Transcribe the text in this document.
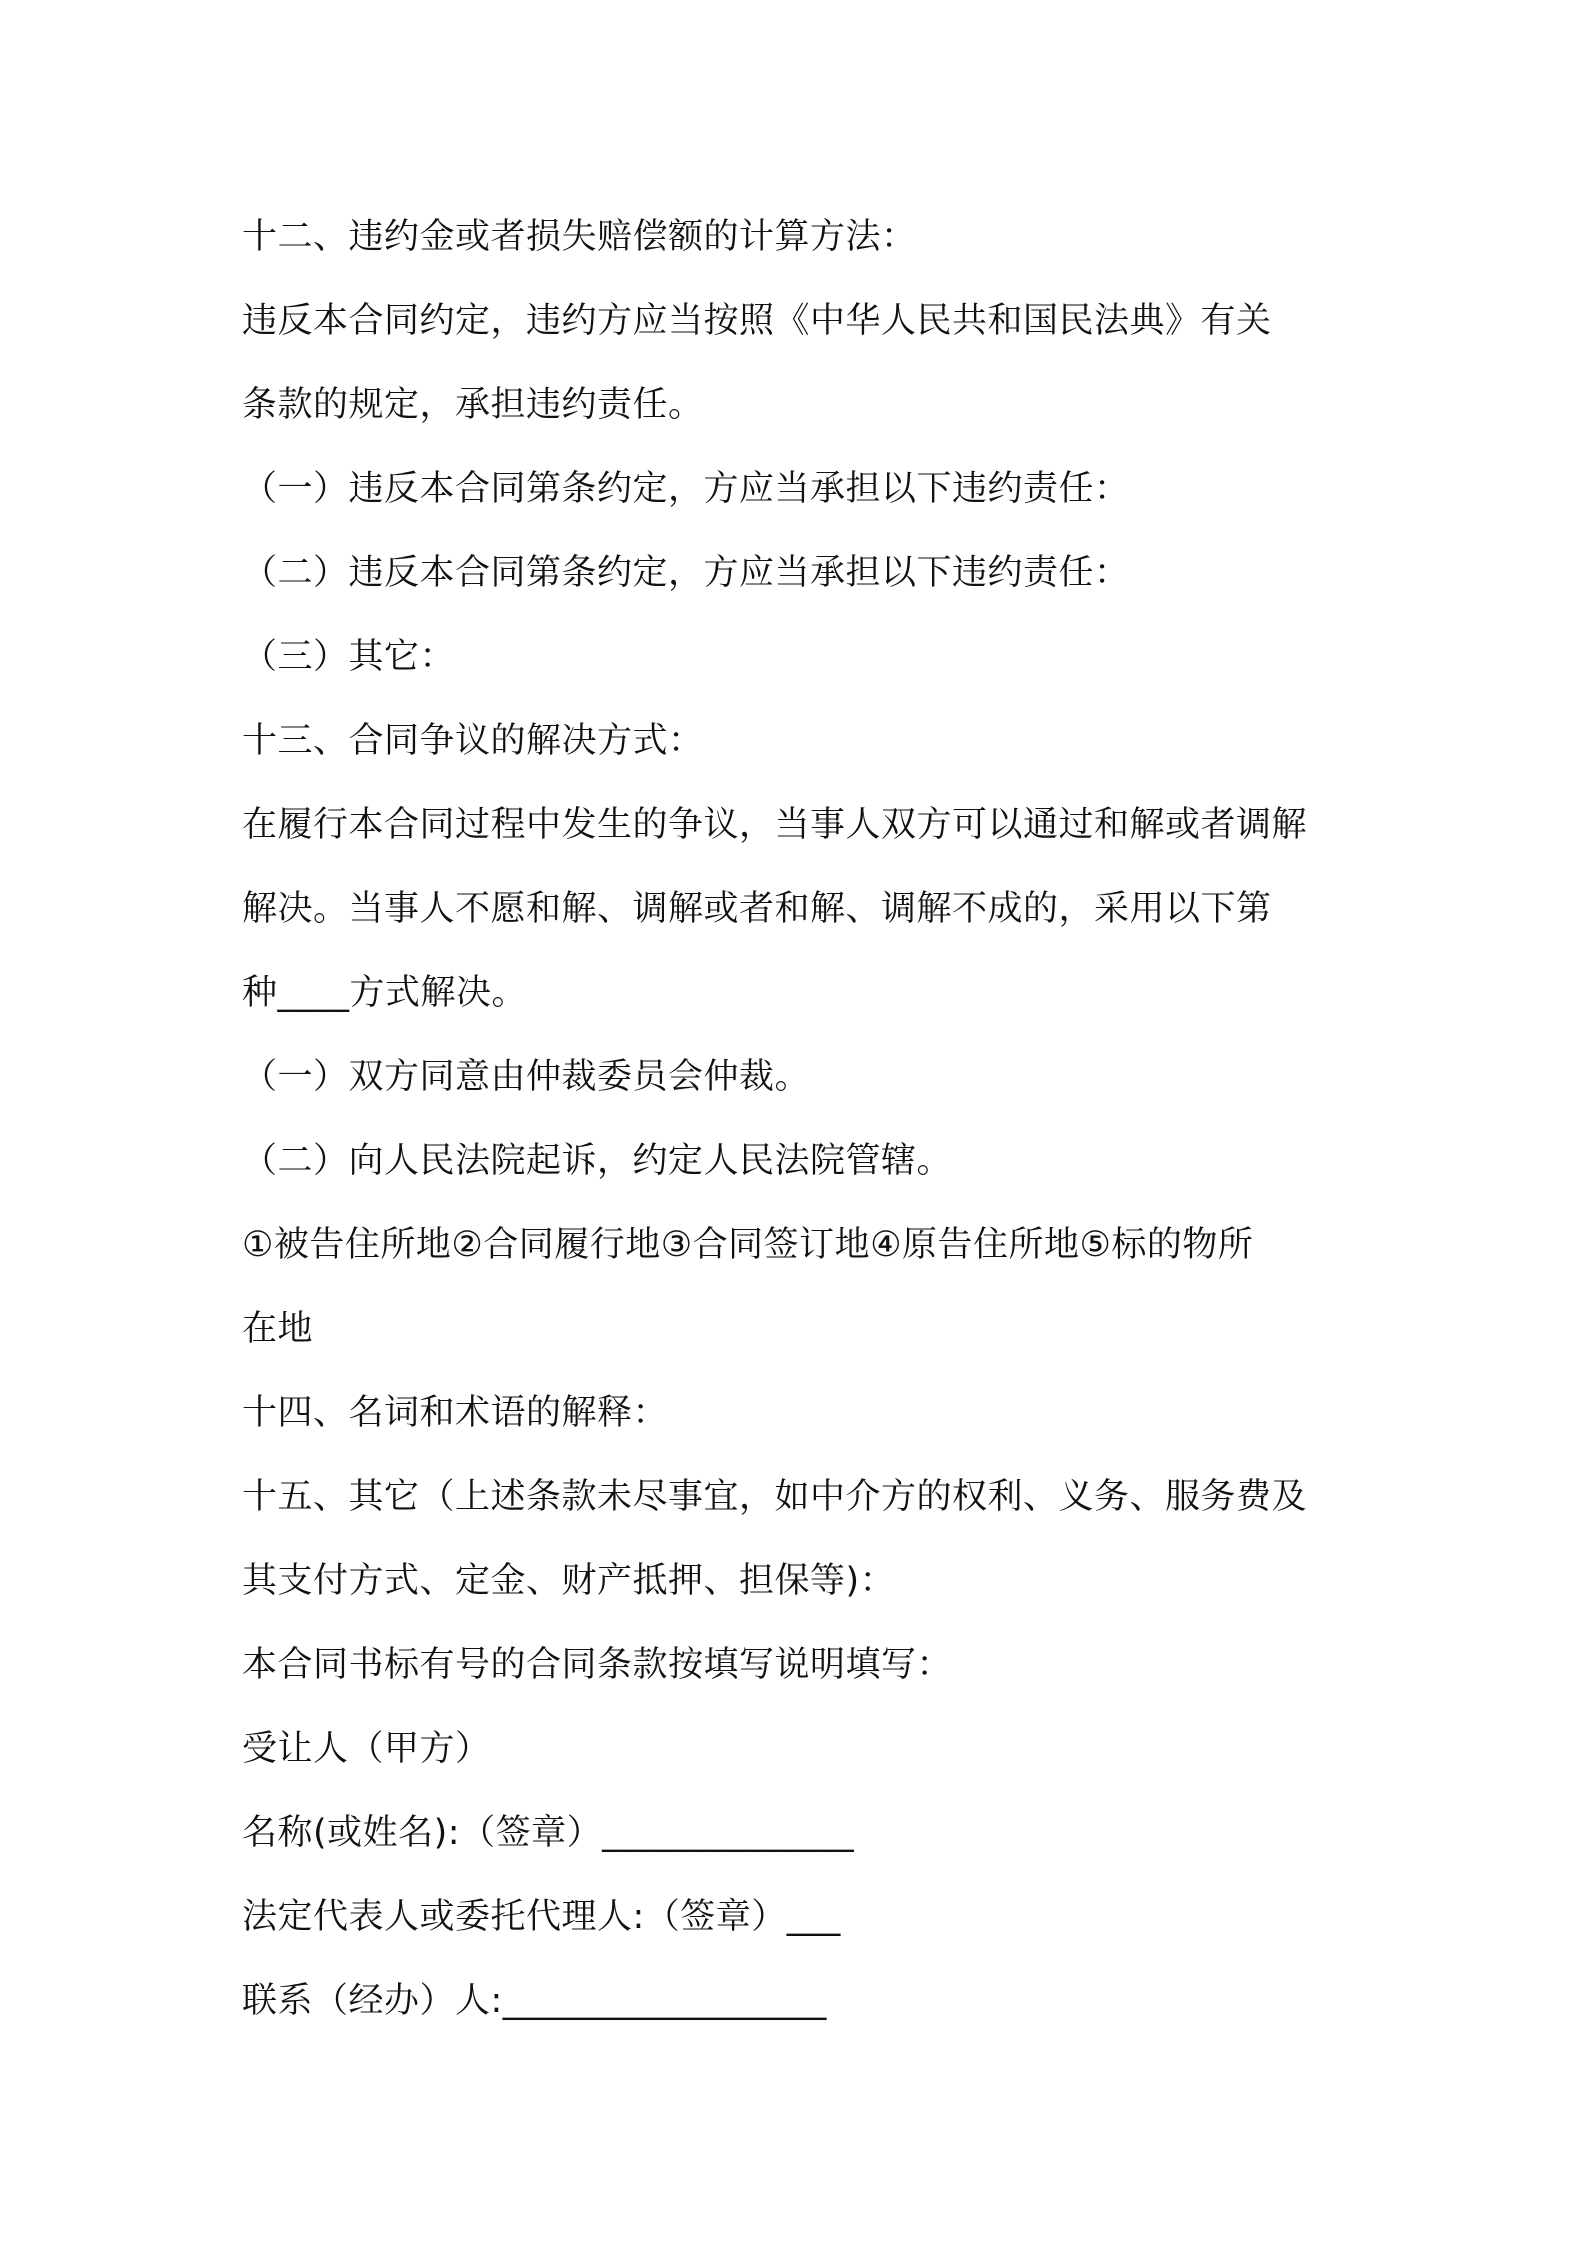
十二、违约金或者损失赔偿额的计算方法：
违反本合同约定，违约方应当按照《中华人民共和国民法典》有关
条款的规定，承担违约责任。
（一）违反本合同第条约定，方应当承担以下违约责任：
（二）违反本合同第条约定，方应当承担以下违约责任：
（三）其它：
十三、合同争议的解决方式：
在履行本合同过程中发生的争议，当事人双方可以通过和解或者调解
解决。当事人不愿和解、调解或者和解、调解不成的，采用以下第
种____方式解决。
（一）双方同意由仲裁委员会仲裁。
（二）向人民法院起诉，约定人民法院管辖。
①被告住所地②合同履行地③合同签订地④原告住所地⑤标的物所
在地
十四、名词和术语的解释：
十五、其它（上述条款未尽事宜，如中介方的权利、义务、服务费及
其支付方式、定金、财产抵押、担保等)：
本合同书标有号的合同条款按填写说明填写：
受让人（甲方）
名称(或姓名):（签章）______________
法定代表人或委托代理人:（签章）___
联系（经办）人:__________________
